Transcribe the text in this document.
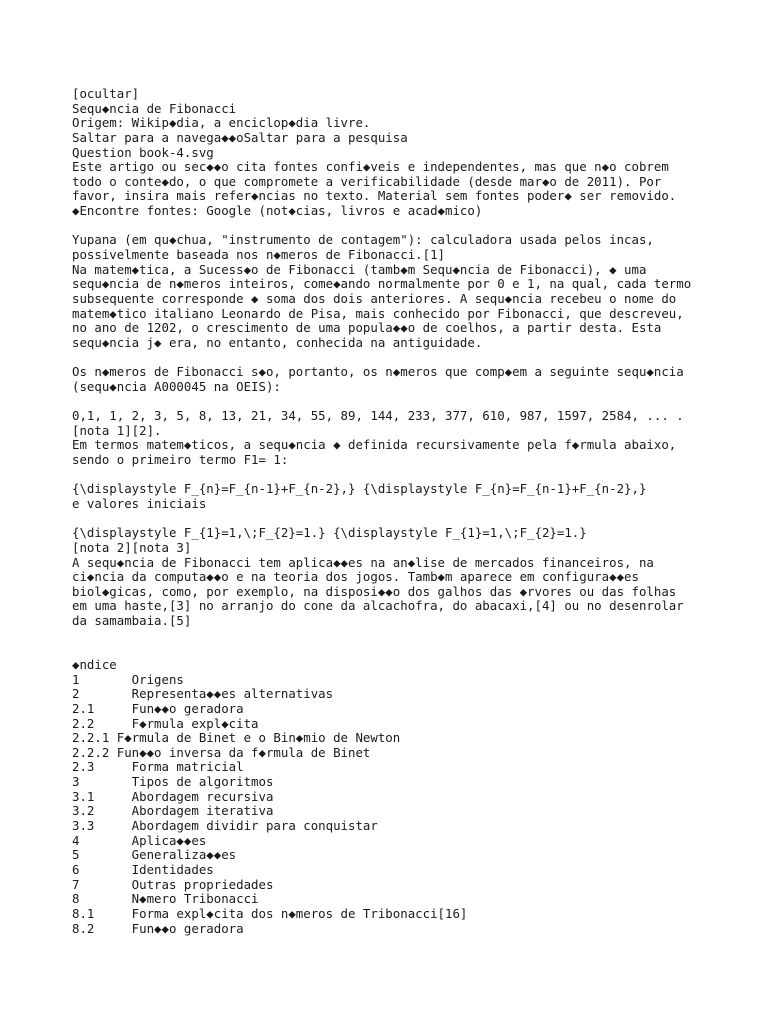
[ocultar]
Sequ◆ncia de Fibonacci
Origem: Wikip◆dia, a enciclop◆dia livre.
Saltar para a navega◆◆oSaltar para a pesquisa
Question book-4.svg
Este artigo ou sec◆◆o cita fontes confi◆veis e independentes, mas que n◆o cobrem
todo o conte◆do, o que compromete a verificabilidade (desde mar◆o de 2011). Por
favor, insira mais refer◆ncias no texto. Material sem fontes poder◆ ser removido.
◆Encontre fontes: Google (not◆cias, livros e acad◆mico)
Yupana (em qu◆chua, "instrumento de contagem"): calculadora usada pelos incas,
possivelmente baseada nos n◆meros de Fibonacci.[1]
Na matem◆tica, a Sucess◆o de Fibonacci (tamb◆m Sequ◆ncia de Fibonacci), ◆ uma
sequ◆ncia de n◆meros inteiros, come◆ando normalmente por 0 e 1, na qual, cada termo
subsequente corresponde ◆ soma dos dois anteriores. A sequ◆ncia recebeu o nome do
matem◆tico italiano Leonardo de Pisa, mais conhecido por Fibonacci, que descreveu,
no ano de 1202, o crescimento de uma popula◆◆o de coelhos, a partir desta. Esta
sequ◆ncia j◆ era, no entanto, conhecida na antiguidade.
Os n◆meros de Fibonacci s◆o, portanto, os n◆meros que comp◆em a seguinte sequ◆ncia
(sequ◆ncia A000045 na OEIS):
0,1, 1, 2, 3, 5, 8, 13, 21, 34, 55, 89, 144, 233, 377, 610, 987, 1597, 2584, ... .
[nota 1][2].
Em termos matem◆ticos, a sequ◆ncia ◆ definida recursivamente pela f◆rmula abaixo,
sendo o primeiro termo F1= 1:
{\displaystyle F_{n}=F_{n-1}+F_{n-2},} {\displaystyle F_{n}=F_{n-1}+F_{n-2},}
e valores iniciais
{\displaystyle F_{1}=1,\;F_{2}=1.} {\displaystyle F_{1}=1,\;F_{2}=1.}
[nota 2][nota 3]
A sequ◆ncia de Fibonacci tem aplica◆◆es na an◆lise de mercados financeiros, na
ci◆ncia da computa◆◆o e na teoria dos jogos. Tamb◆m aparece em configura◆◆es
biol◆gicas, como, por exemplo, na disposi◆◆o dos galhos das ◆rvores ou das folhas
em uma haste,[3] no arranjo do cone da alcachofra, do abacaxi,[4] ou no desenrolar
da samambaia.[5]
◆ndice
1       Origens
2       Representa◆◆es alternativas
2.1     Fun◆◆o geradora
2.2     F◆rmula expl◆cita
2.2.1 F◆rmula de Binet e o Bin◆mio de Newton
2.2.2 Fun◆◆o inversa da f◆rmula de Binet
2.3     Forma matricial
3       Tipos de algoritmos
3.1     Abordagem recursiva
3.2     Abordagem iterativa
3.3     Abordagem dividir para conquistar
4       Aplica◆◆es
5       Generaliza◆◆es
6       Identidades
7       Outras propriedades
8       N◆mero Tribonacci
8.1     Forma expl◆cita dos n◆meros de Tribonacci[16]
8.2     Fun◆◆o geradora
